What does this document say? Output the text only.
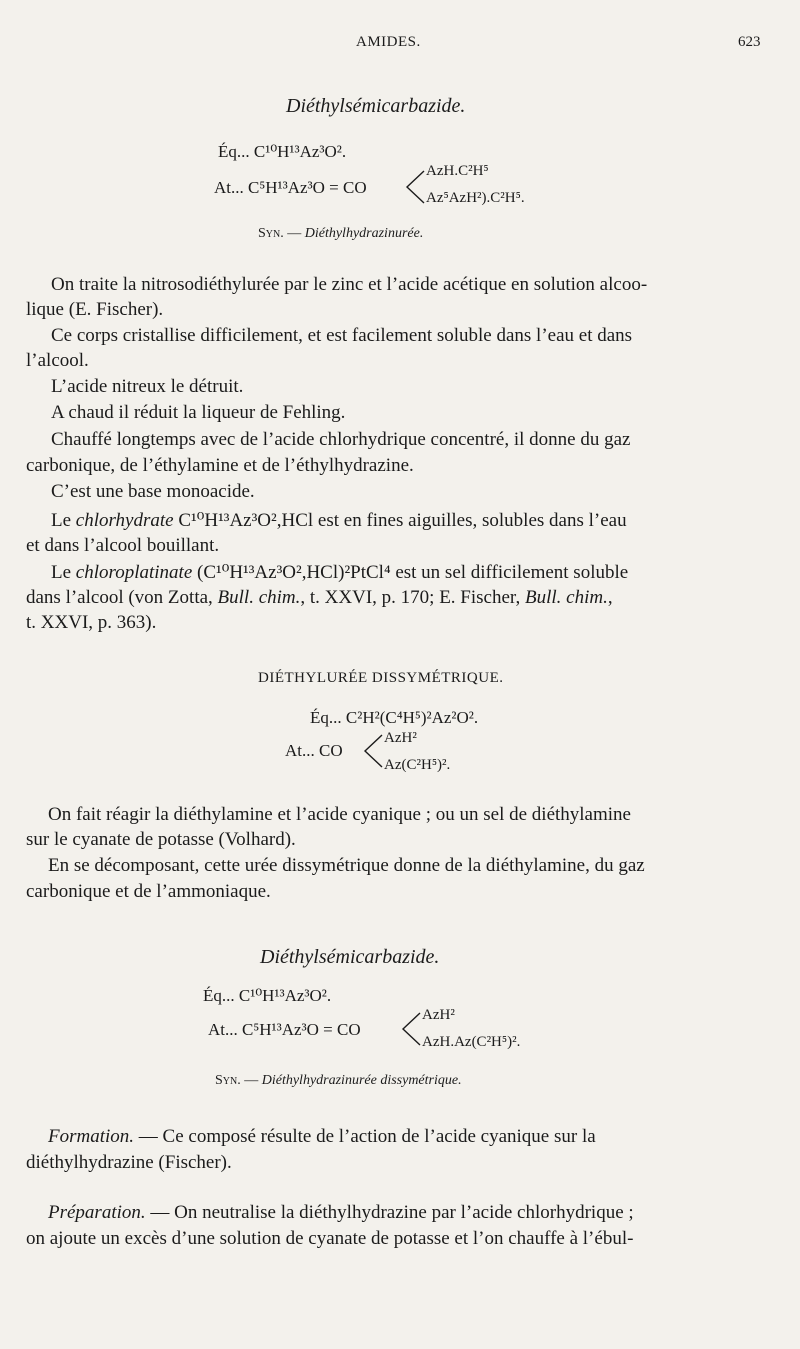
AMIDES.	623
Diéthylsémicarbazide.
Éq... C¹⁰H¹³Az³O².
At... C⁵H¹³Az³O = CO
AzH.C²H⁵
Az⁵AzH²).C²H⁵.
Syn. — Diéthylhydrazinurée.
On traite la nitrosodiéthylurée par le zinc et l’acide acétique en solution alcoo-
lique (E. Fischer).
Ce corps cristallise difficilement, et est facilement soluble dans l’eau et dans
l’alcool.
L’acide nitreux le détruit.
A chaud il réduit la liqueur de Fehling.
Chauffé longtemps avec de l’acide chlorhydrique concentré, il donne du gaz
carbonique, de l’éthylamine et de l’éthylhydrazine.
C’est une base monoacide.
Le chlorhydrate C¹⁰H¹³Az³O²,HCl est en fines aiguilles, solubles dans l’eau
et dans l’alcool bouillant.
Le chloroplatinate (C¹⁰H¹³Az³O²,HCl)²PtCl⁴ est un sel difficilement soluble
dans l’alcool (von Zotta, Bull. chim., t. XXVI, p. 170; E. Fischer, Bull. chim.,
t. XXVI, p. 363).
DIÉTHYLURÉE DISSYMÉTRIQUE.
Éq... C²H²(C⁴H⁵)²Az²O².
At... CO
AzH²
Az(C²H⁵)².
On fait réagir la diéthylamine et l’acide cyanique ; ou un sel de diéthylamine
sur le cyanate de potasse (Volhard).
En se décomposant, cette urée dissymétrique donne de la diéthylamine, du gaz
carbonique et de l’ammoniaque.
Diéthylsémicarbazide.
Éq... C¹⁰H¹³Az³O².
At... C⁵H¹³Az³O = CO
AzH²
AzH.Az(C²H⁵)².
Syn. — Diéthylhydrazinurée dissymétrique.
Formation. — Ce composé résulte de l’action de l’acide cyanique sur la
diéthylhydrazine (Fischer).
Préparation. — On neutralise la diéthylhydrazine par l’acide chlorhydrique ;
on ajoute un excès d’une solution de cyanate de potasse et l’on chauffe à l’ébul-
